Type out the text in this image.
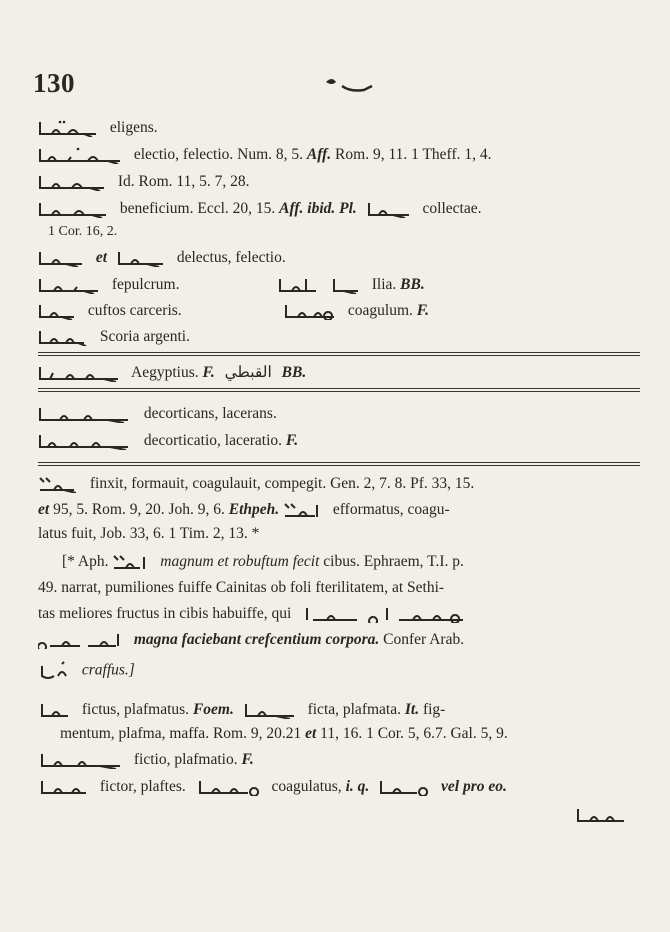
130
eligens.
electio, felectio. Num. 8, 5. Aff. Rom. 9, 11. 1 Theff. 1, 4.
Id. Rom. 11, 5. 7, 28.
beneficium. Eccl. 20, 15. Aff. ibid. Pl.	collectae.
1 Cor. 16, 2.
et	delectus, felectio.
fepulcrum.
	Ilia. BB.
cuftos carceris.	coagulum. F.
Scoria argenti.
Aegyptius. F. القبطي BB.
decorticans, lacerans.
decorticatio, laceratio. F.
finxit, formauit, coagulauit, compegit. Gen. 2, 7. 8. Pf. 33, 15.
et 95, 5. Rom. 9, 20. Joh. 9, 6. Ethpeh.	efformatus, coagu-
latus fuit, Job. 33, 6. 1 Tim. 2, 13. *
[* Aph.	magnum et robuftum fecit cibus. Ephraem, T.I. p.
49. narrat, pumiliones fuiffe Cainitas ob foli fterilitatem, at Sethi-
tas meliores fructus in cibis habuiffe, qui
magna faciebant crefcentium corpora. Confer Arab.
craffus.]
fictus, plafmatus. Foem.	ficta, plafmata. It. fig-
mentum, plafma, maffa. Rom. 9, 20.21 et 11, 16. 1 Cor. 5, 6.7. Gal. 5, 9.
fictio, plafmatio. F.
fictor, plaftes.	coagulatus, i. q.	vel pro eo.
